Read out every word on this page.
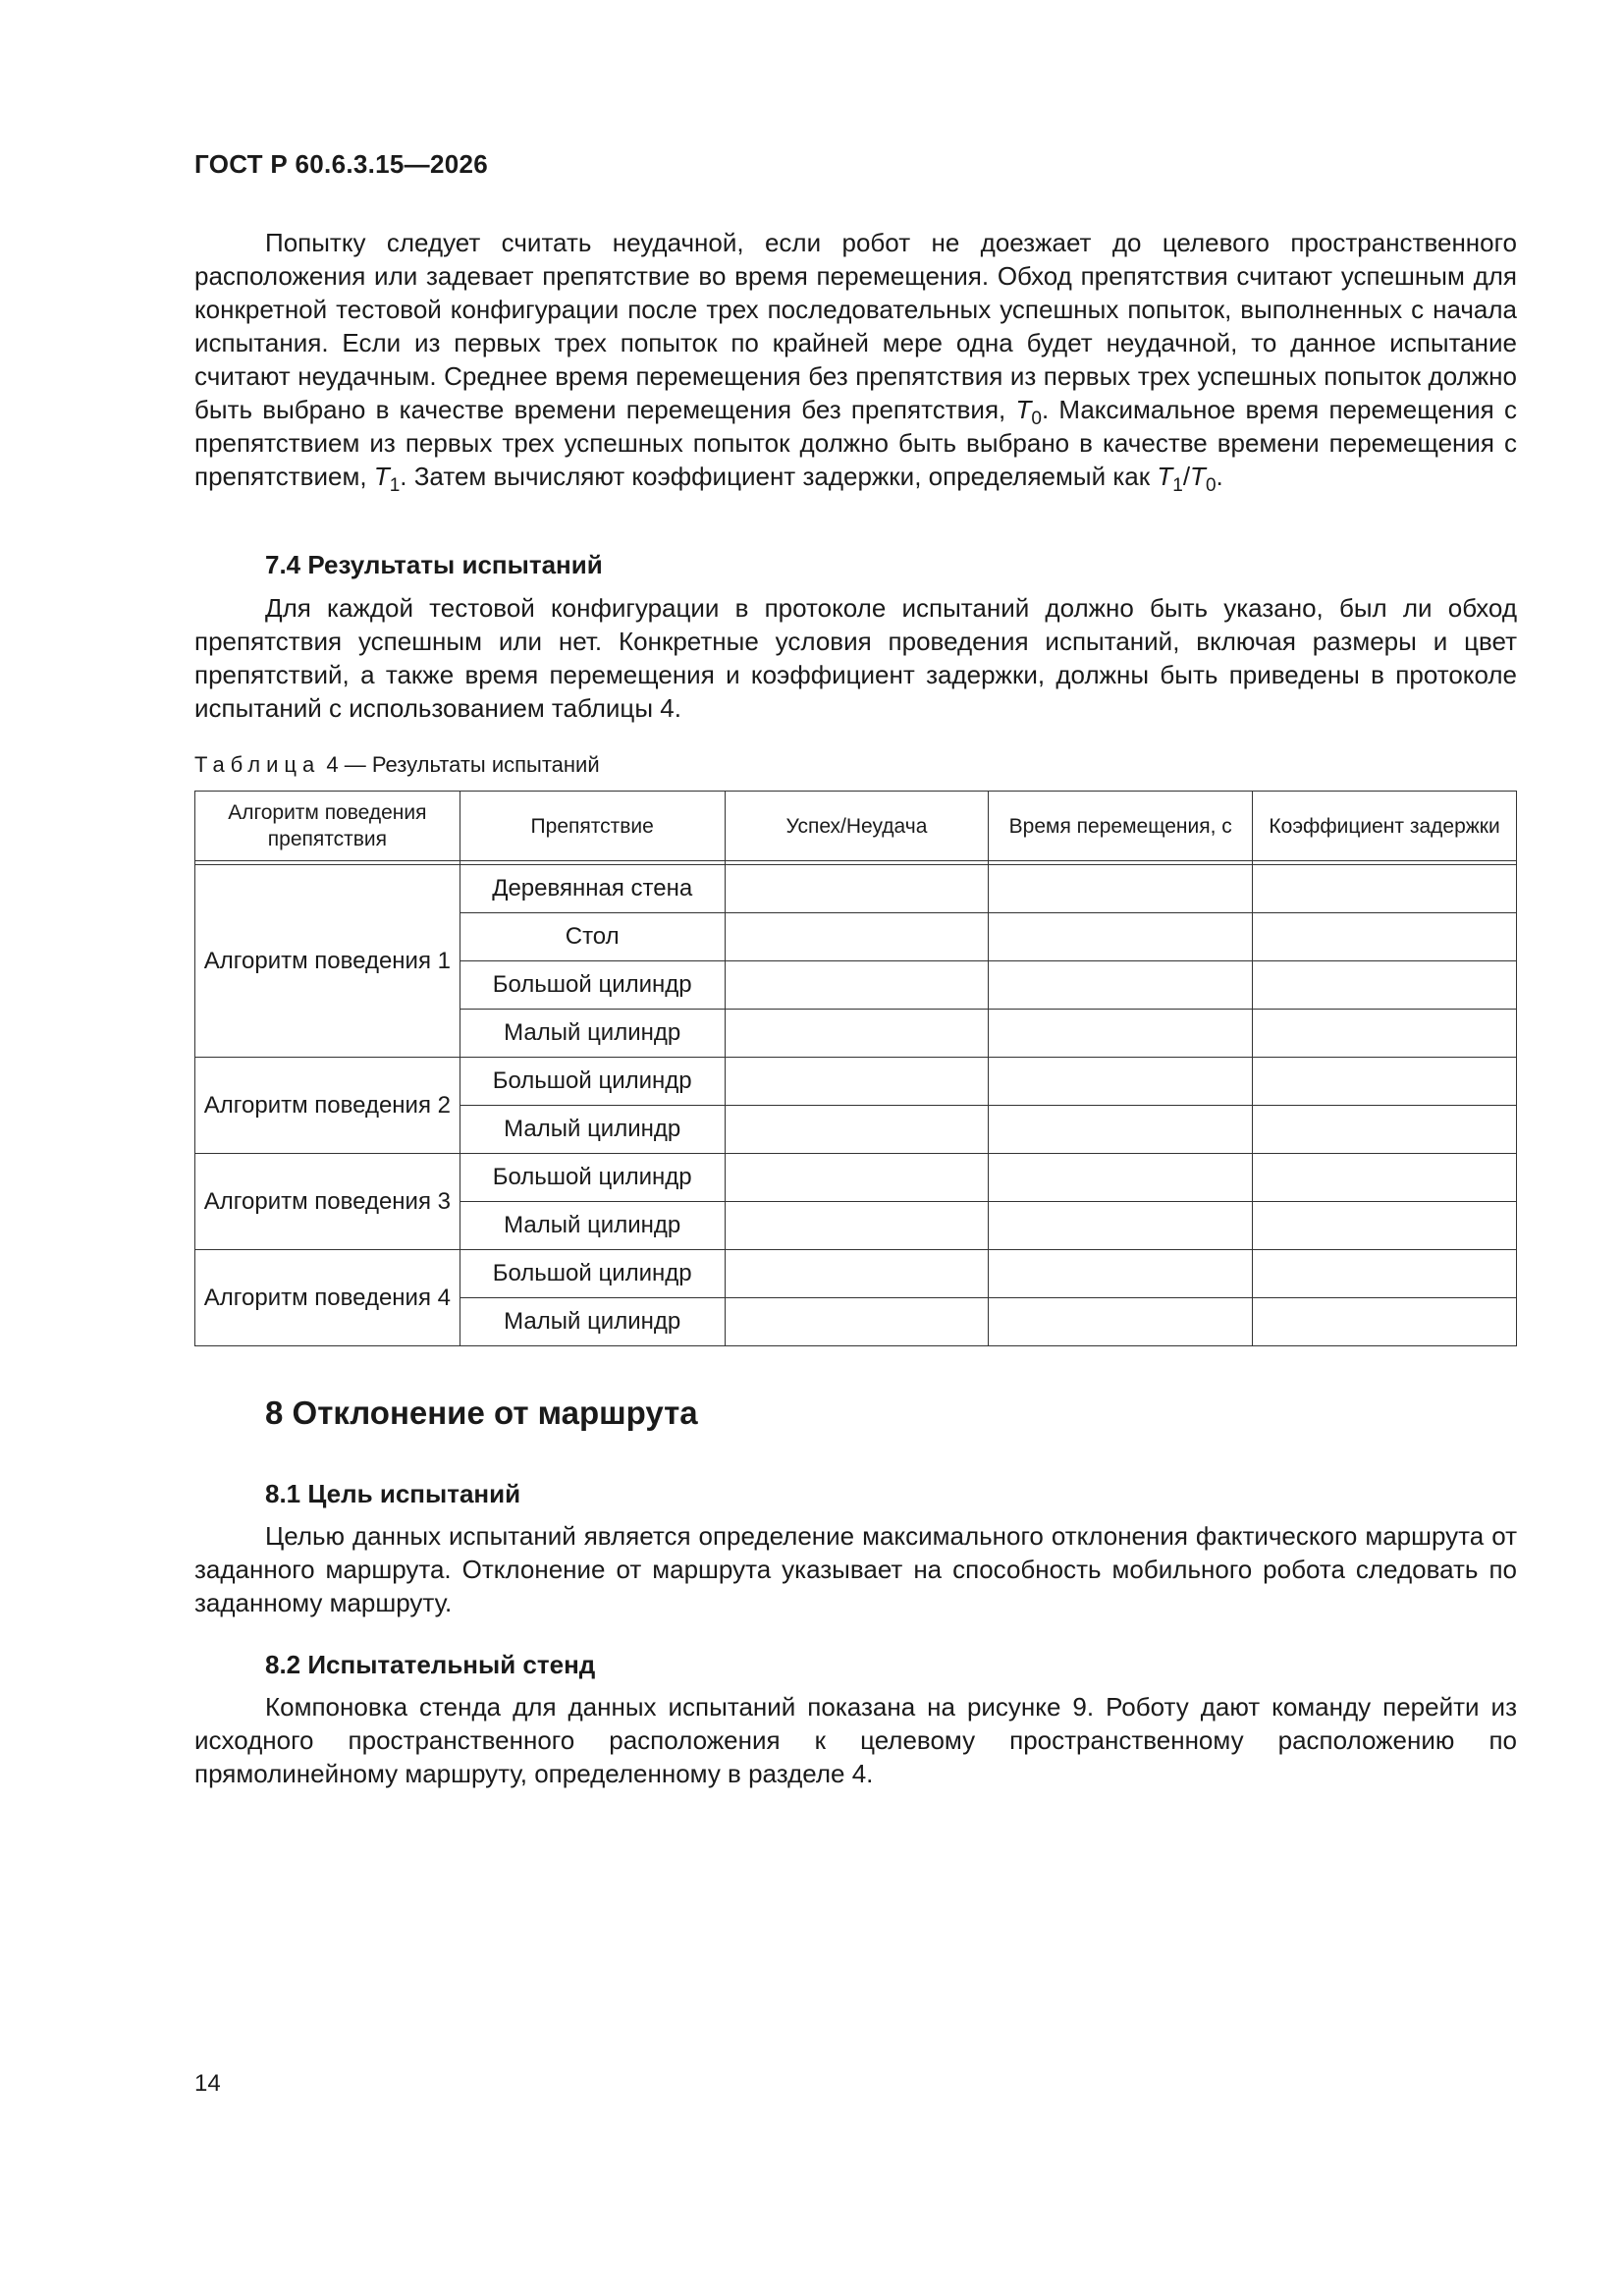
ГОСТ Р 60.6.3.15—2026

Попытку следует считать неудачной, если робот не доезжает до целевого пространственного расположения или задевает препятствие во время перемещения. Обход препятствия считают успешным для конкретной тестовой конфигурации после трех последовательных успешных попыток, выполненных с начала испытания. Если из первых трех попыток по крайней мере одна будет неудачной, то данное испытание считают неудачным. Среднее время перемещения без препятствия из первых трех успешных попыток должно быть выбрано в качестве времени перемещения без препятствия, $T_0$. Максимальное время перемещения с препятствием из первых трех успешных попыток должно быть выбрано в качестве времени перемещения с препятствием, $T_1$. Затем вычисляют коэффициент задержки, определяемый как $T_1/T_0$.

7.4 Результаты испытаний

Для каждой тестовой конфигурации в протоколе испытаний должно быть указано, был ли обход препятствия успешным или нет. Конкретные условия проведения испытаний, включая размеры и цвет препятствий, а также время перемещения и коэффициент задержки, должны быть приведены в протоколе испытаний с использованием таблицы 4.

Таблица 4 — Результаты испытаний
Алгоритм поведения препятствия	Препятствие	Успех/Неудача	Время перемещения, с	Коэффициент задержки

Алгоритм поведения 1	Деревянная стена			
	Стол			
	Большой цилиндр			
	Малый цилиндр			
Алгоритм поведения 2	Большой цилиндр			
	Малый цилиндр			
Алгоритм поведения 3	Большой цилиндр			
	Малый цилиндр			
Алгоритм поведения 4	Большой цилиндр			
	Малый цилиндр			
8 Отклонение от маршрута
8.1 Цель испытаний

Целью данных испытаний является определение максимального отклонения фактического маршрута от заданного маршрута. Отклонение от маршрута указывает на способность мобильного робота следовать по заданному маршруту.

8.2 Испытательный стенд

Компоновка стенда для данных испытаний показана на рисунке 9. Роботу дают команду перейти из исходного пространственного расположения к целевому пространственному расположению по прямолинейному маршруту, определенному в разделе 4.

14
